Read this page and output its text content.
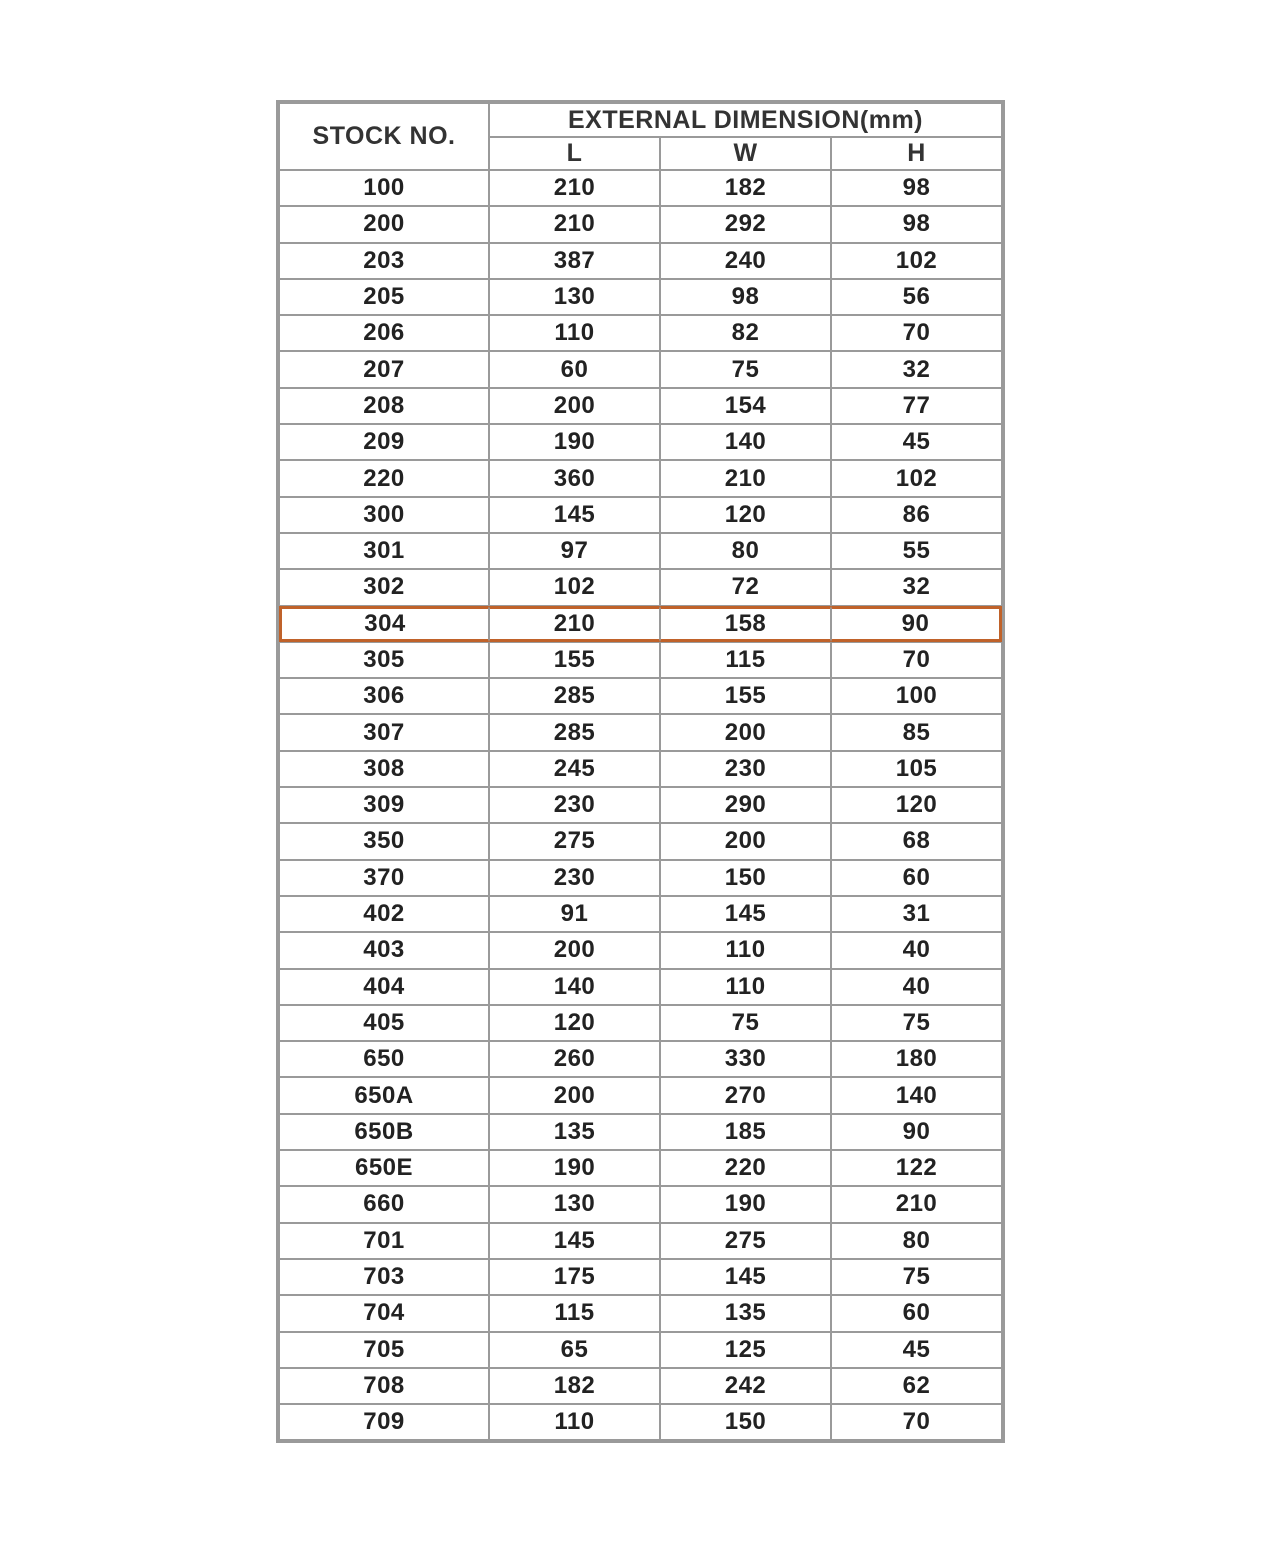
STOCK NO.	EXTERNAL DIMENSION(mm)		
	L	W	H
100	210	182	98
200	210	292	98
203	387	240	102
205	130	98	56
206	110	82	70
207	60	75	32
208	200	154	77
209	190	140	45
220	360	210	102
300	145	120	86
301	97	80	55
302	102	72	32
304	210	158	90
305	155	115	70
306	285	155	100
307	285	200	85
308	245	230	105
309	230	290	120
350	275	200	68
370	230	150	60
402	91	145	31
403	200	110	40
404	140	110	40
405	120	75	75
650	260	330	180
650A	200	270	140
650B	135	185	90
650E	190	220	122
660	130	190	210
701	145	275	80
703	175	145	75
704	115	135	60
705	65	125	45
708	182	242	62
709	110	150	70
